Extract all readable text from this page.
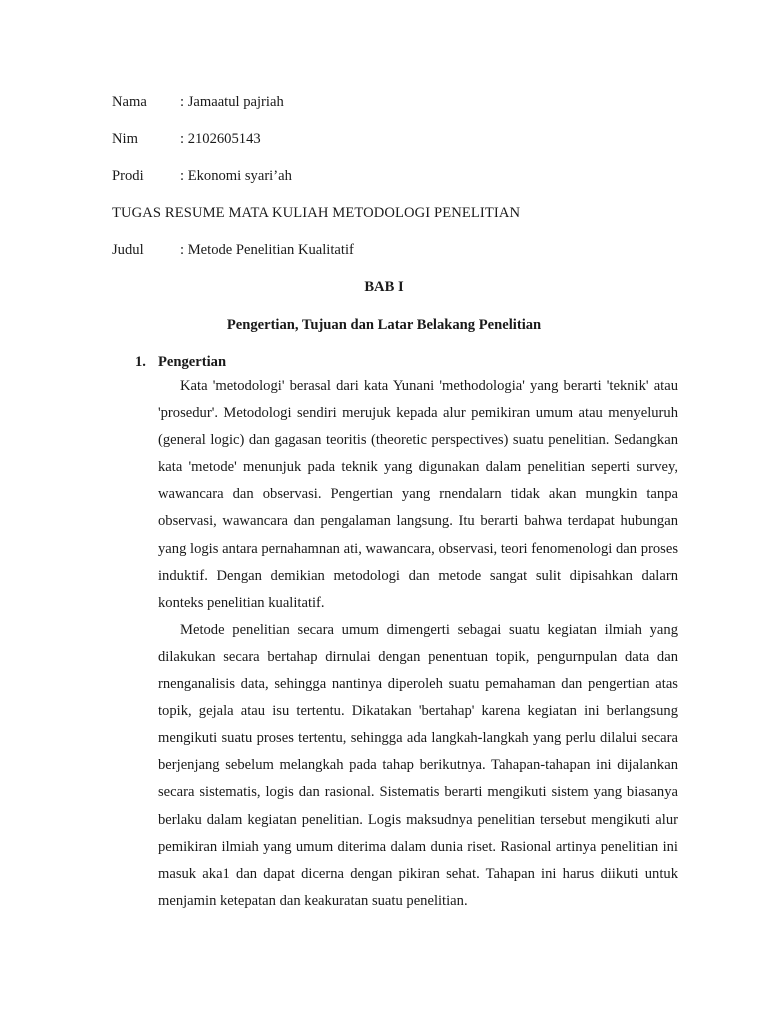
Nama : Jamaatul pajriah
Nim	: 2102605143
Prodi : Ekonomi syari’ah
TUGAS RESUME MATA KULIAH METODOLOGI PENELITIAN
Judul : Metode Penelitian Kualitatif
BAB I
Pengertian, Tujuan dan Latar Belakang Penelitian
1. Pengertian

Kata 'metodologi' berasal dari kata Yunani 'methodologia' yang berarti 'teknik' atau 'prosedur'. Metodologi sendiri merujuk kepada alur pemikiran umum atau menyeluruh (general logic) dan gagasan teoritis (theoretic perspectives) suatu penelitian. Sedangkan kata 'metode' menunjuk pada teknik yang digunakan dalam penelitian seperti survey, wawancara dan observasi. Pengertian yang rnendalarn tidak akan mungkin tanpa observasi, wawancara dan pengalaman langsung. Itu berarti bahwa terdapat hubungan yang logis antara pernahamnan ati, wawancara, observasi, teori fenomenologi dan proses induktif. Dengan demikian metodologi dan metode sangat sulit dipisahkan dalarn konteks penelitian kualitatif.

Metode penelitian secara umum dimengerti sebagai suatu kegiatan ilmiah yang dilakukan secara bertahap dirnulai dengan penentuan topik, pengurnpulan data dan rnenganalisis data, sehingga nantinya diperoleh suatu pemahaman dan pengertian atas topik, gejala atau isu tertentu. Dikatakan 'bertahap' karena kegiatan ini berlangsung mengikuti suatu proses tertentu, sehingga ada langkah-langkah yang perlu dilalui secara berjenjang sebelum melangkah pada tahap berikutnya. Tahapan-tahapan ini dijalankan secara sistematis, logis dan rasional. Sistematis berarti mengikuti sistem yang biasanya berlaku dalam kegiatan penelitian. Logis maksudnya penelitian tersebut mengikuti alur pemikiran ilmiah yang umum diterima dalam dunia riset. Rasional artinya penelitian ini masuk aka1 dan dapat dicerna dengan pikiran sehat. Tahapan ini harus diikuti untuk menjamin ketepatan dan keakuratan suatu penelitian.
